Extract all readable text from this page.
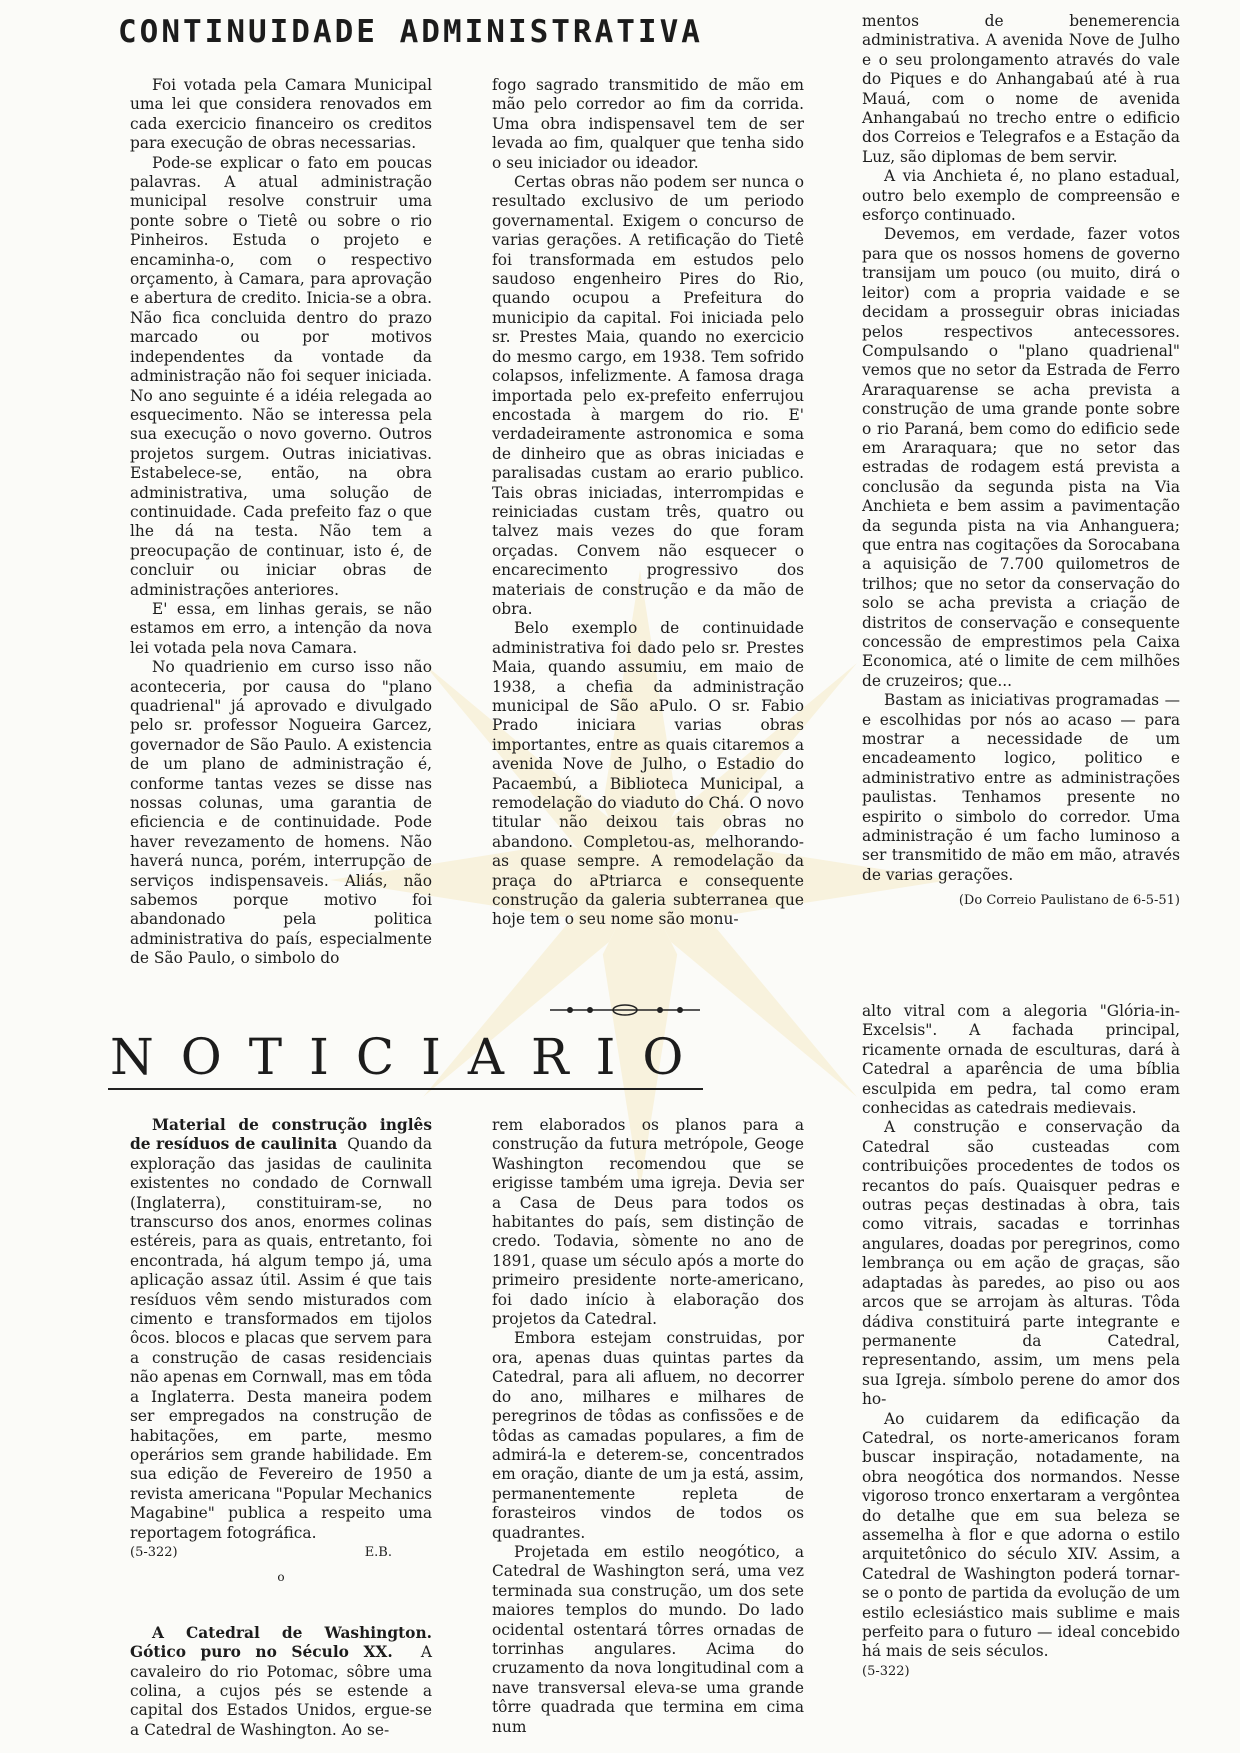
CONTINUIDADE ADMINISTRATIVA

Foi votada pela Camara Municipal uma lei que considera renovados em cada exercicio financeiro os creditos para execução de obras necessarias.

Pode-se explicar o fato em poucas palavras. A atual administração municipal resolve construir uma ponte sobre o Tietê ou sobre o rio Pinheiros. Estuda o projeto e encaminha-o, com o respectivo orçamento, à Camara, para aprovação e abertura de credito. Inicia-se a obra. Não fica concluida dentro do prazo marcado ou por motivos independentes da vontade da administração não foi sequer iniciada. No ano seguinte é a idéia relegada ao esquecimento. Não se interessa pela sua execução o novo governo. Outros projetos surgem. Outras iniciativas. Estabelece-se, então, na obra administrativa, uma solução de continuidade. Cada prefeito faz o que lhe dá na testa. Não tem a preocupação de continuar, isto é, de concluir ou iniciar obras de administrações anteriores.

E' essa, em linhas gerais, se não estamos em erro, a intenção da nova lei votada pela nova Camara.

No quadrienio em curso isso não aconteceria, por causa do "plano quadrienal" já aprovado e divulgado pelo sr. professor Nogueira Garcez, governador de São Paulo. A existencia de um plano de administração é, conforme tantas vezes se disse nas nossas colunas, uma garantia de eficiencia e de continuidade. Pode haver revezamento de homens. Não haverá nunca, porém, interrupção de serviços indispensaveis. Aliás, não sabemos porque motivo foi abandonado pela politica administrativa do país, especialmente de São Paulo, o simbolo do

fogo sagrado transmitido de mão em mão pelo corredor ao fim da corrida. Uma obra indispensavel tem de ser levada ao fim, qualquer que tenha sido o seu iniciador ou ideador.

Certas obras não podem ser nunca o resultado exclusivo de um periodo governamental. Exigem o concurso de varias gerações. A retificação do Tietê foi transformada em estudos pelo saudoso engenheiro Pires do Rio, quando ocupou a Prefeitura do municipio da capital. Foi iniciada pelo sr. Prestes Maia, quando no exercicio do mesmo cargo, em 1938. Tem sofrido colapsos, infelizmente. A famosa draga importada pelo ex-prefeito enferrujou encostada à margem do rio. E' verdadeiramente astronomica e soma de dinheiro que as obras iniciadas e paralisadas custam ao erario publico. Tais obras iniciadas, interrompidas e reiniciadas custam três, quatro ou talvez mais vezes do que foram orçadas. Convem não esquecer o encarecimento progressivo dos materiais de construção e da mão de obra.

Belo exemplo de continuidade administrativa foi dado pelo sr. Prestes Maia, quando assumiu, em maio de 1938, a chefia da administração municipal de São aPulo. O sr. Fabio Prado iniciara varias obras importantes, entre as quais citaremos a avenida Nove de Julho, o Estadio do Pacaembú, a Biblioteca Municipal, a remodelação do viaduto do Chá. O novo titular não deixou tais obras no abandono. Completou-as, melhorando-as quase sempre. A remodelação da praça do aPtriarca e consequente construção da galeria subterranea que hoje tem o seu nome são monu-

mentos de benemerencia administrativa. A avenida Nove de Julho e o seu prolongamento através do vale do Piques e do Anhangabaú até à rua Mauá, com o nome de avenida Anhangabaú no trecho entre o edificio dos Correios e Telegrafos e a Estação da Luz, são diplomas de bem servir.

A via Anchieta é, no plano estadual, outro belo exemplo de compreensão e esforço continuado.

Devemos, em verdade, fazer votos para que os nossos homens de governo transijam um pouco (ou muito, dirá o leitor) com a propria vaidade e se decidam a prosseguir obras iniciadas pelos respectivos antecessores. Compulsando o "plano quadrienal" vemos que no setor da Estrada de Ferro Araraquarense se acha prevista a construção de uma grande ponte sobre o rio Paraná, bem como do edificio sede em Araraquara; que no setor das estradas de rodagem está prevista a conclusão da segunda pista na Via Anchieta e bem assim a pavimentação da segunda pista na via Anhanguera; que entra nas cogitações da Sorocabana a aquisição de 7.700 quilometros de trilhos; que no setor da conservação do solo se acha prevista a criação de distritos de conservação e consequente concessão de emprestimos pela Caixa Economica, até o limite de cem milhões de cruzeiros; que...

Bastam as iniciativas programadas —e escolhidas por nós ao acaso — para mostrar a necessidade de um encadeamento logico, politico e administrativo entre as administrações paulistas. Tenhamos presente no espirito o simbolo do corredor. Uma administração é um facho luminoso a ser transmitido de mão em mão, através de varias gerações.

(Do Correio Paulistano de 6-5-51)
NOTICIARIO

Material de construção inglês de resíduos de caulinita Quando da exploração das jasidas de caulinita existentes no condado de Cornwall (Inglaterra), constituiram-se, no transcurso dos anos, enormes colinas estéreis, para as quais, entretanto, foi encontrada, há algum tempo já, uma aplicação assaz útil. Assim é que tais resíduos vêm sendo misturados com cimento e transformados em tijolos ôcos. blocos e placas que servem para a construção de casas residenciais não apenas em Cornwall, mas em tôda a Inglaterra. Desta maneira podem ser empregados na construção de habitações, em parte, mesmo operários sem grande habilidade. Em sua edição de Fevereiro de 1950 a revista americana "Popular Mechanics Magabine" publica a respeito uma reportagem fotográfica.

(5-322)	E.B.
o

A Catedral de Washington. Gótico puro no Século XX. A cavaleiro do rio Potomac, sôbre uma colina, a cujos pés se estende a capital dos Estados Unidos, ergue-se a Catedral de Washington. Ao se-

rem elaborados os planos para a construção da futura metrópole, Geoge Washington recomendou que se erigisse também uma igreja. Devia ser a Casa de Deus para todos os habitantes do país, sem distinção de credo. Todavia, sòmente no ano de 1891, quase um século após a morte do primeiro presidente norte-americano, foi dado início à elaboração dos projetos da Catedral.

Embora estejam construidas, por ora, apenas duas quintas partes da Catedral, para ali afluem, no decorrer do ano, milhares e milhares de peregrinos de tôdas as confissões e de tôdas as camadas populares, a fim de admirá-la e deterem-se, concentrados em oração, diante de um ja está, assim, permanentemente repleta de forasteiros vindos de todos os quadrantes.

Projetada em estilo neogótico, a Catedral de Washington será, uma vez terminada sua construção, um dos sete maiores templos do mundo. Do lado ocidental ostentará tôrres ornadas de torrinhas angulares. Acima do cruzamento da nova longitudinal com a nave transversal eleva-se uma grande tôrre quadrada que termina em cima num

alto vitral com a alegoria "Glória-in-Excelsis". A fachada principal, ricamente ornada de esculturas, dará à Catedral a aparência de uma bíblia esculpida em pedra, tal como eram conhecidas as catedrais medievais.

A construção e conservação da Catedral são custeadas com contribuições procedentes de todos os recantos do país. Quaisquer pedras e outras peças destinadas à obra, tais como vitrais, sacadas e torrinhas angulares, doadas por peregrinos, como lembrança ou em ação de graças, são adaptadas às paredes, ao piso ou aos arcos que se arrojam às alturas. Tôda dádiva constituirá parte integrante e permanente da Catedral, representando, assim, um mens pela sua Igreja. símbolo perene do amor dos ho-

Ao cuidarem da edificação da Catedral, os norte-americanos foram buscar inspiração, notadamente, na obra neogótica dos normandos. Nesse vigoroso tronco enxertaram a vergôntea do detalhe que em sua beleza se assemelha à flor e que adorna o estilo arquitetônico do século XIV. Assim, a Catedral de Washington poderá tornar-se o ponto de partida da evolução de um estilo eclesiástico mais sublime e mais perfeito para o futuro — ideal concebido há mais de seis séculos.

(5-322)
